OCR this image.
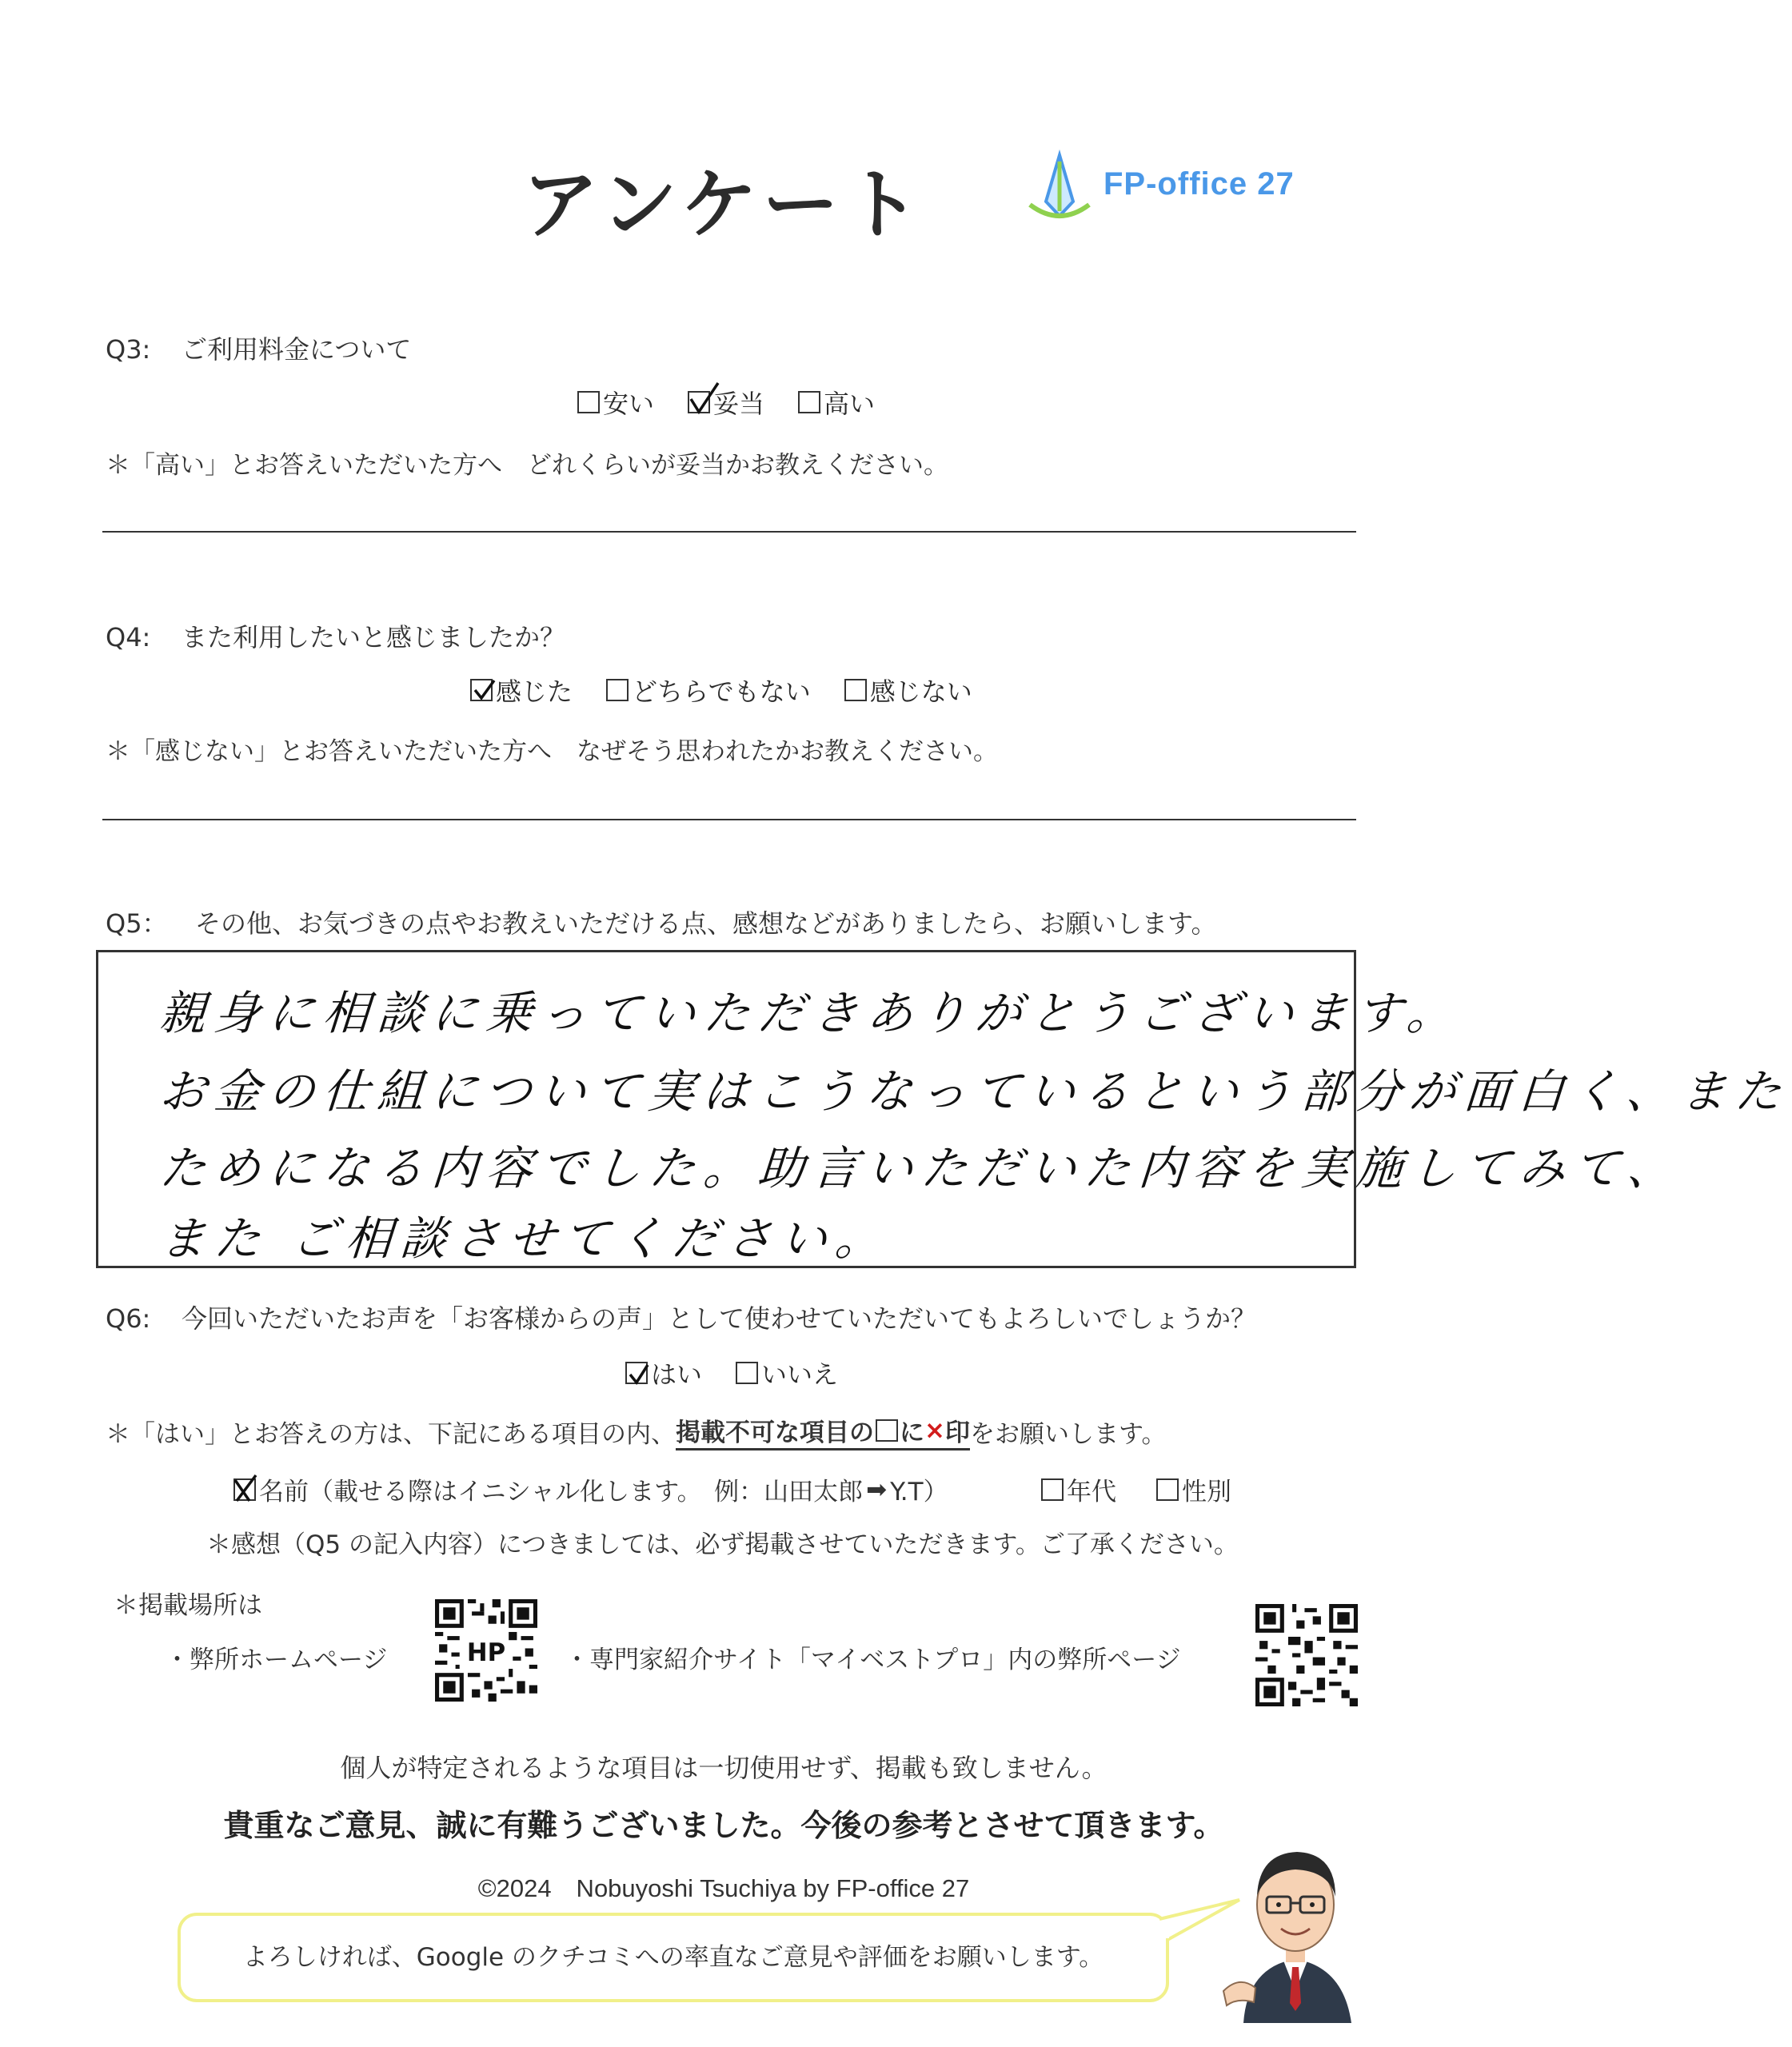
アンケート	FP-office 27
Q3: ご利用料金について
安い 妥当 高い
＊「高い」とお答えいただいた方へ　どれくらいが妥当かお教えください。
Q4: また利用したいと感じましたか？
感じた どちらでもない 感じない
＊「感じない」とお答えいただいた方へ　なぜそう思われたかお教えください。
Q5： その他、お気づきの点やお教えいただける点、感想などがありましたら、お願いします。
親身に相談に乗っていただきありがとうございます。
お金の仕組について実はこうなっているという部分が面白く、また
ためになる内容でした。助言いただいた内容を実施してみて、
また ご相談させてください。
Q6: 今回いただいたお声を「お客様からの声」として使わせていただいてもよろしいでしょうか？
はい いいえ
＊「はい」とお答えの方は、下記にある項目の内、 掲載不可な項目の に × 印 をお願いします。
名前（載せる際はイニシャル化します。　例：山田太郎 ➡ Y.T）	年代	性別
＊感想（Q5 の記入内容）につきましては、必ず掲載させていただきます。ご了承ください。
＊掲載場所は
・弊所ホームページ	HP ・専門家紹介サイト「マイベストプロ」内の弊所ページ
個人が特定されるような項目は一切使用せず、掲載も致しません。
貴重なご意見、誠に有難うございました。今後の参考とさせて頂きます。
©2024　Nobuyoshi Tsuchiya by FP-office 27
よろしければ、Google のクチコミへの率直なご意見や評価をお願いします。
